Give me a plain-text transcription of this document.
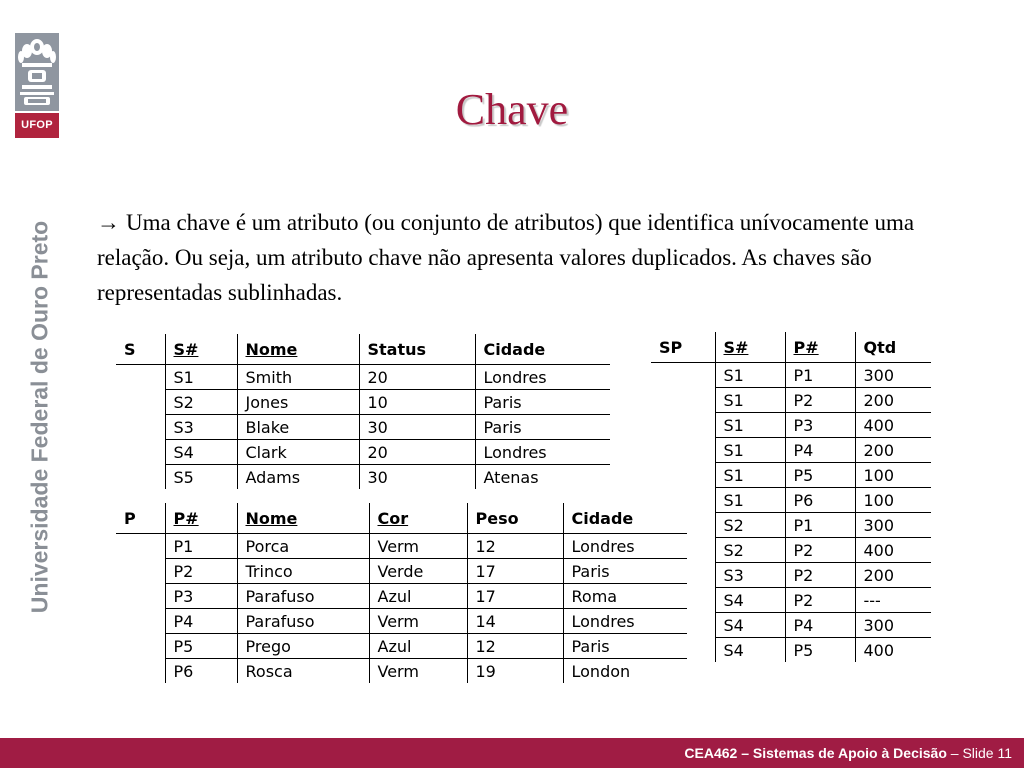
UFOP
Universidade Federal de Ouro Preto
Chave
→ Uma chave é um atributo (ou conjunto de atributos) que identifica unívocamente uma relação. Ou seja, um atributo chave não apresenta valores duplicados. As chaves são representadas sublinhadas.
S	S#	Nome	Status	Cidade
	S1	Smith	20	Londres
	S2	Jones	10	Paris
	S3	Blake	30	Paris
	S4	Clark	20	Londres
	S5	Adams	30	Atenas
P	P#	Nome	Cor	Peso	Cidade
	P1	Porca	Verm	12	Londres
	P2	Trinco	Verde	17	Paris
	P3	Parafuso	Azul	17	Roma
	P4	Parafuso	Verm	14	Londres
	P5	Prego	Azul	12	Paris
	P6	Rosca	Verm	19	London
SP	S#	P#	Qtd
	S1	P1	300
	S1	P2	200
	S1	P3	400
	S1	P4	200
	S1	P5	100
	S1	P6	100
	S2	P1	300
	S2	P2	400
	S3	P2	200
	S4	P2	---
	S4	P4	300
	S4	P5	400
CEA462 – Sistemas de Apoio à Decisão – Slide 11
